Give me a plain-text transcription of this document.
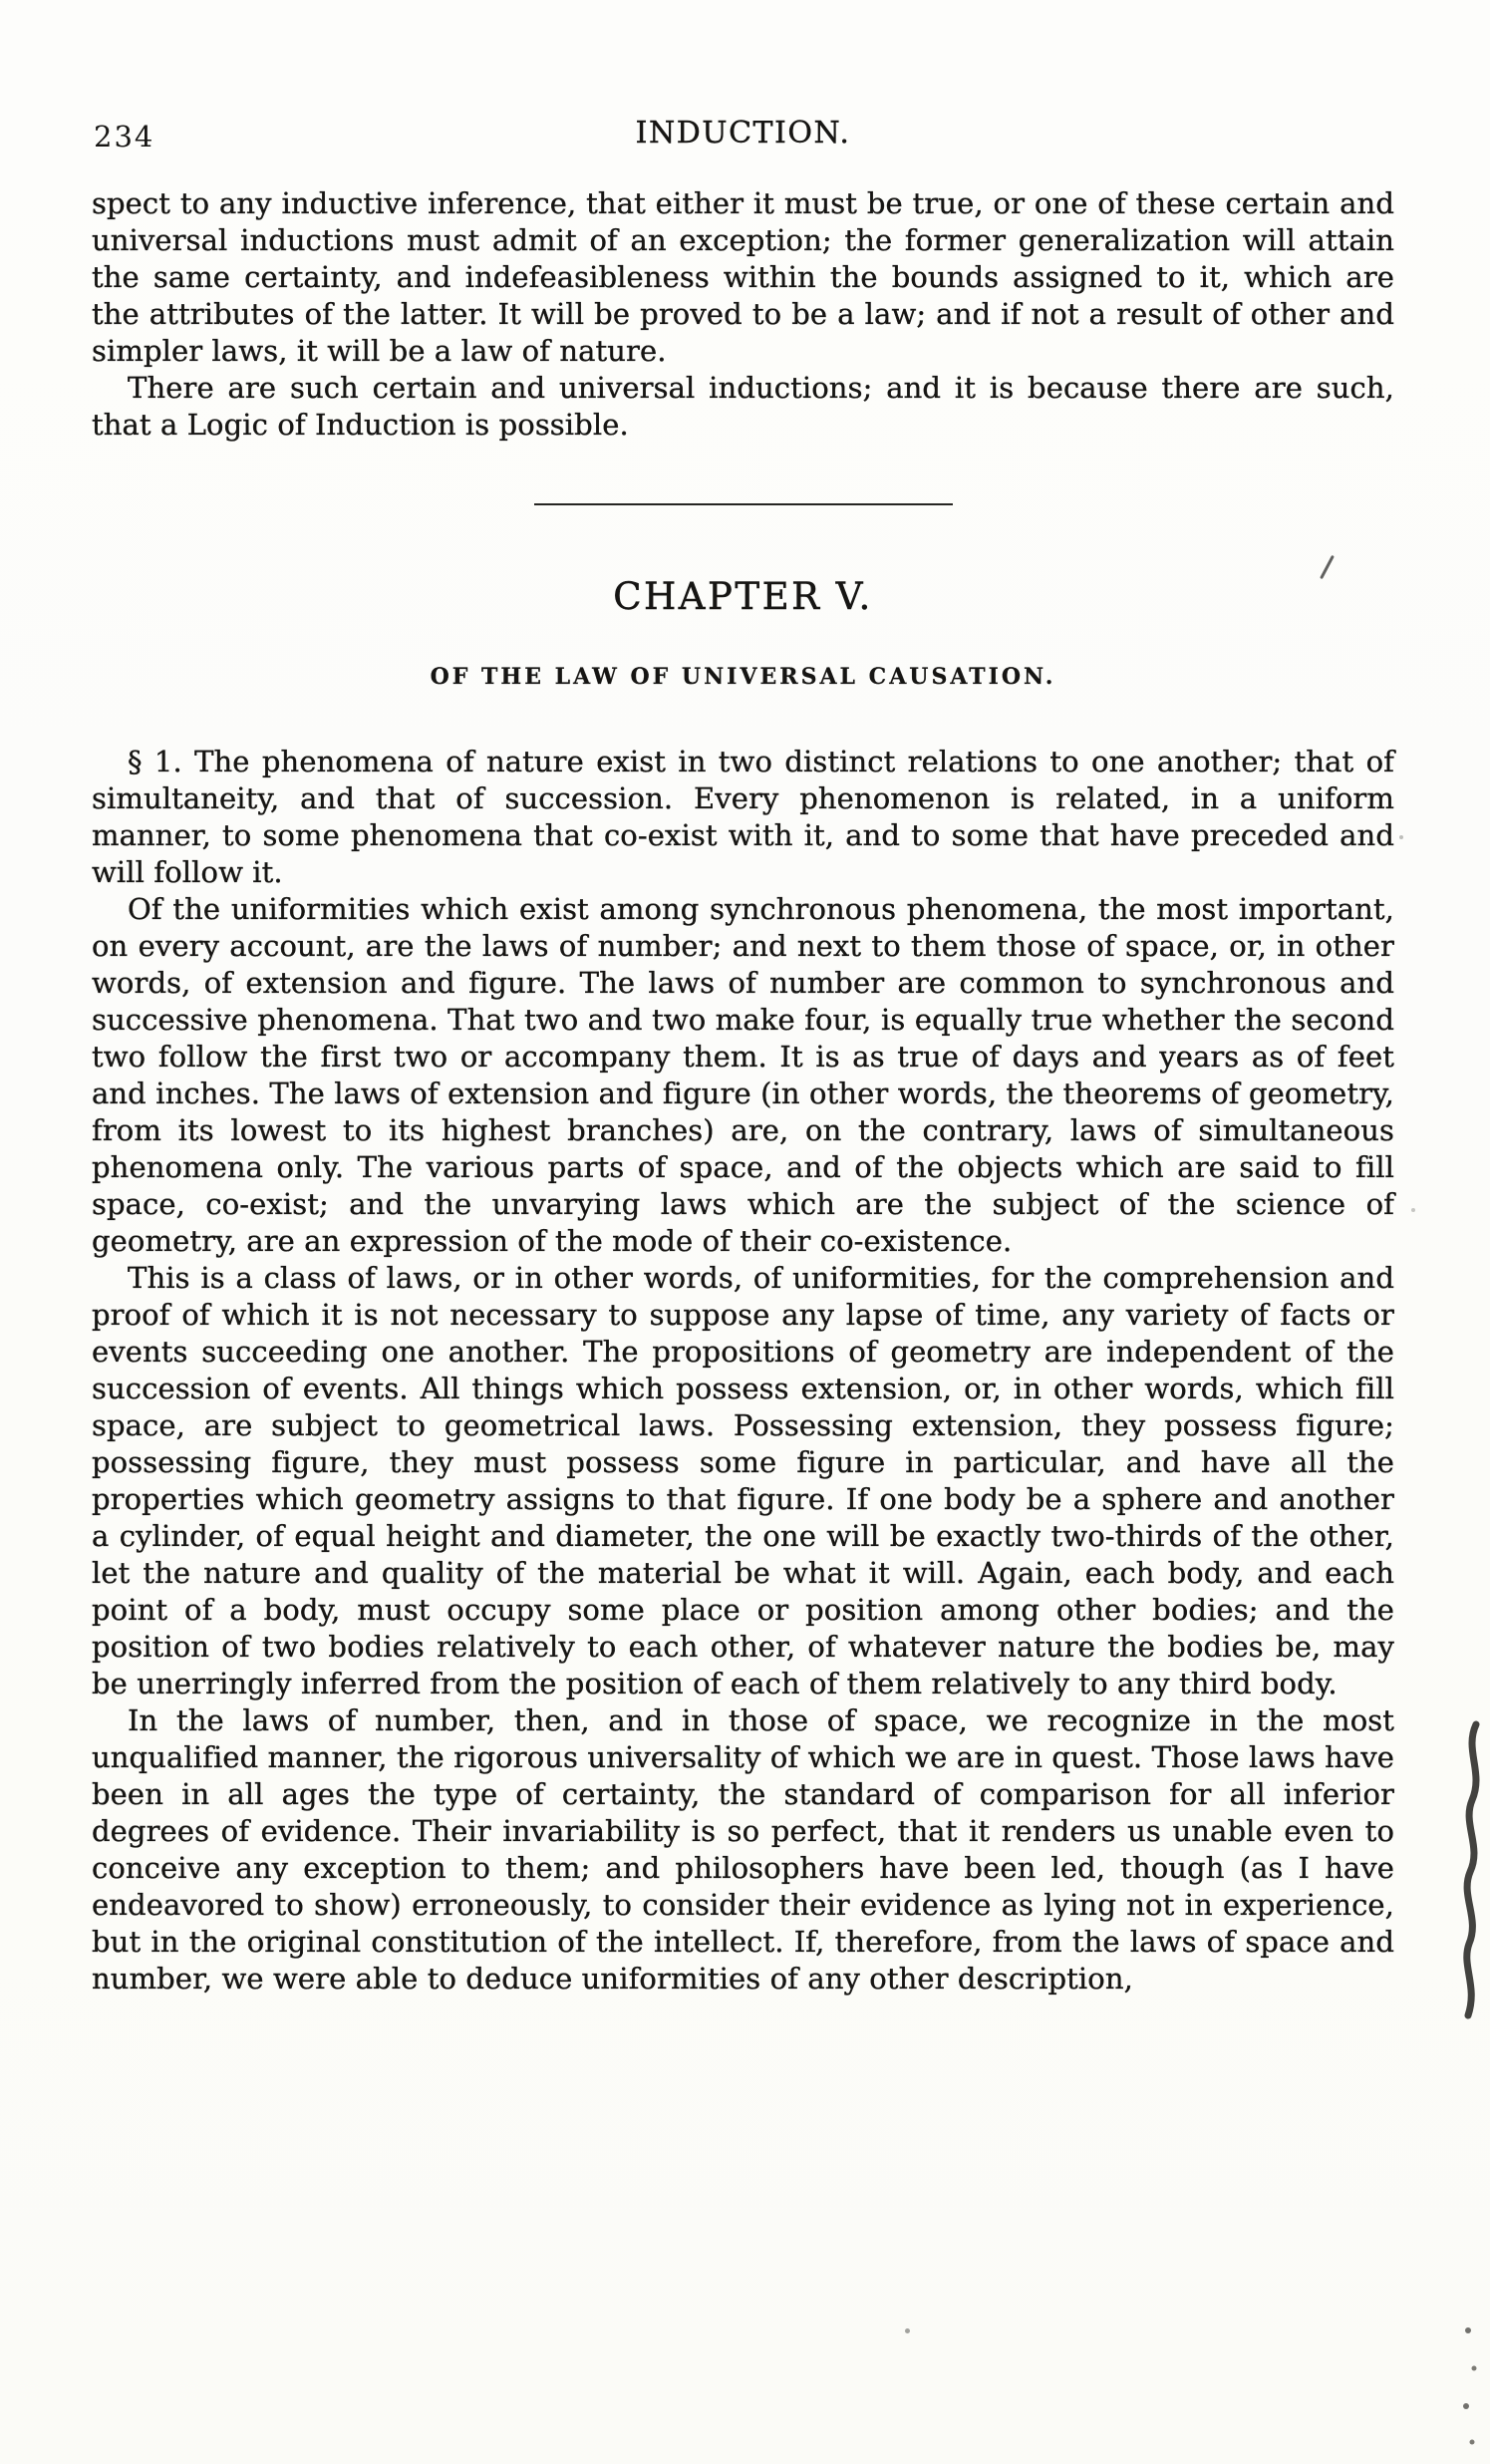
234	INDUCTION.

spect to any inductive inference, that either it must be true, or one of these certain and universal inductions must admit of an exception; the former generalization will attain the same certainty, and indefeasibleness within the bounds assigned to it, which are the attributes of the latter. It will be proved to be a law; and if not a result of other and simpler laws, it will be a law of nature.

There are such certain and universal inductions; and it is because there are such, that a Logic of Induction is possible.

CHAPTER V.
OF THE LAW OF UNIVERSAL CAUSATION.

§ 1. The phenomena of nature exist in two distinct relations to one another; that of simultaneity, and that of succession. Every phenomenon is related, in a uniform manner, to some phenomena that co-exist with it, and to some that have preceded and will follow it.

Of the uniformities which exist among synchronous phenomena, the most important, on every account, are the laws of number; and next to them those of space, or, in other words, of extension and figure. The laws of number are common to synchronous and successive phenomena. That two and two make four, is equally true whether the second two follow the first two or accompany them. It is as true of days and years as of feet and inches. The laws of extension and figure (in other words, the theorems of geometry, from its lowest to its highest branches) are, on the contrary, laws of simultaneous phenomena only. The various parts of space, and of the objects which are said to fill space, co-exist; and the unvarying laws which are the subject of the science of geometry, are an expression of the mode of their co-existence.

This is a class of laws, or in other words, of uniformities, for the comprehension and proof of which it is not necessary to suppose any lapse of time, any variety of facts or events succeeding one another. The propositions of geometry are independent of the succession of events. All things which possess extension, or, in other words, which fill space, are subject to geometrical laws. Possessing extension, they possess figure; possessing figure, they must possess some figure in particular, and have all the properties which geometry assigns to that figure. If one body be a sphere and another a cylinder, of equal height and diameter, the one will be exactly two-thirds of the other, let the nature and quality of the material be what it will. Again, each body, and each point of a body, must occupy some place or position among other bodies; and the position of two bodies relatively to each other, of whatever nature the bodies be, may be unerringly inferred from the position of each of them relatively to any third body.

In the laws of number, then, and in those of space, we recognize in the most unqualified manner, the rigorous universality of which we are in quest. Those laws have been in all ages the type of certainty, the standard of comparison for all inferior degrees of evidence. Their invariability is so perfect, that it renders us unable even to conceive any exception to them; and philosophers have been led, though (as I have endeavored to show) erroneously, to consider their evidence as lying not in experience, but in the original constitution of the intellect. If, therefore, from the laws of space and number, we were able to deduce uniformities of any other description,
